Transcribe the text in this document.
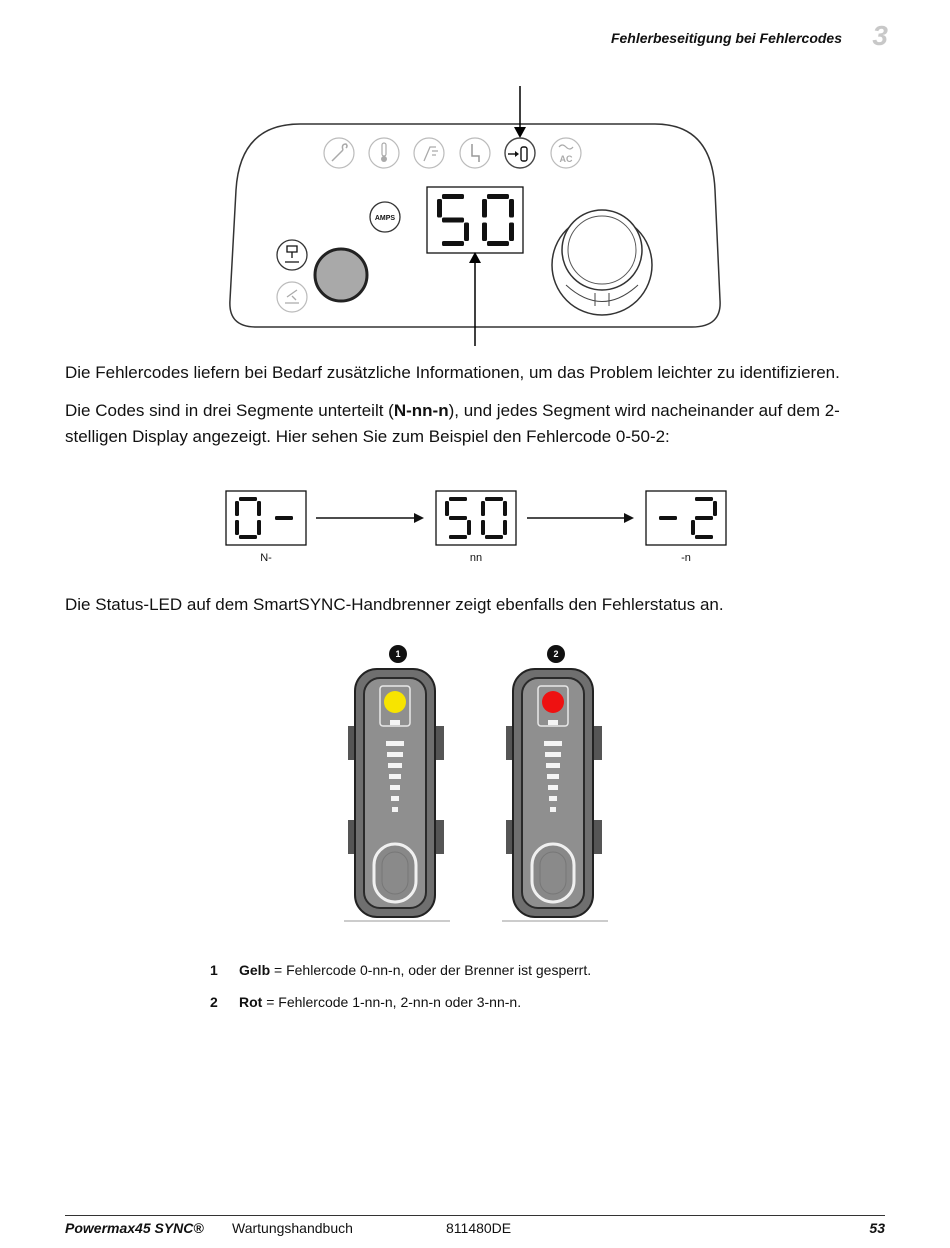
Fehlerbeseitigung bei Fehlercodes 3
AC
AMPS

Die Fehlercodes liefern bei Bedarf zusätzliche Informationen, um das Problem leichter zu identifizieren.

Die Codes sind in drei Segmente unterteilt (N-nn-n), und jedes Segment wird nacheinander auf dem 2-stelligen Display angezeigt. Hier sehen Sie zum Beispiel den Fehlercode 0-50-2:

N-	nn	-n

Die Status-LED auf dem SmartSYNC-Handbrenner zeigt ebenfalls den Fehlerstatus an.

1	2
1 Gelb = Fehlercode 0-nn-n, oder der Brenner ist gesperrt.
2 Rot = Fehlercode 1-nn-n, 2-nn-n oder 3-nn-n.
Powermax45 SYNC® Wartungshandbuch	811480DE	53
